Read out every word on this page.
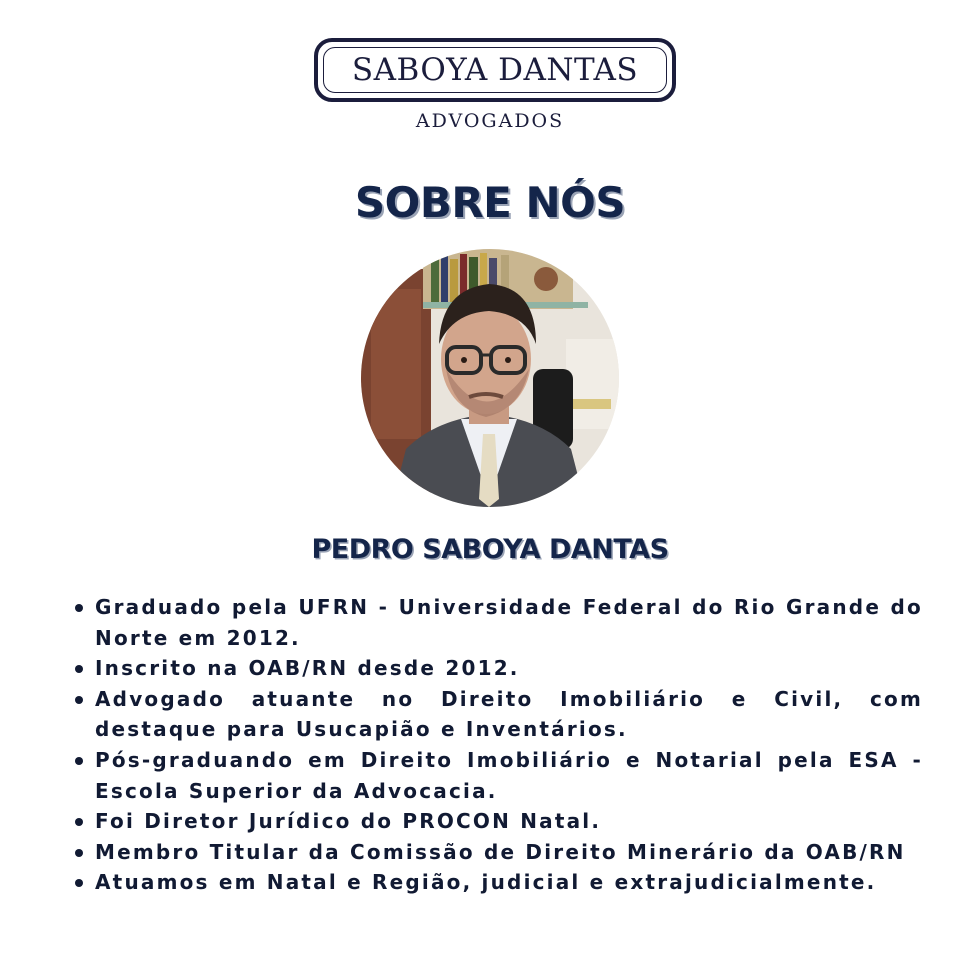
SABOYA DANTAS
ADVOGADOS
SOBRE NÓS
PEDRO SABOYA DANTAS
Graduado pela UFRN - Universidade Federal do Rio Grande do Norte em 2012.
Inscrito na OAB/RN desde 2012.
Advogado atuante no Direito Imobiliário e Civil, com destaque para Usucapião e Inventários.
Pós-graduando em Direito Imobiliário e Notarial pela ESA - Escola Superior da Advocacia.
Foi Diretor Jurídico do PROCON Natal.
Membro Titular da Comissão de Direito Minerário da OAB/RN
Atuamos em Natal e Região, judicial e extrajudicialmente.
